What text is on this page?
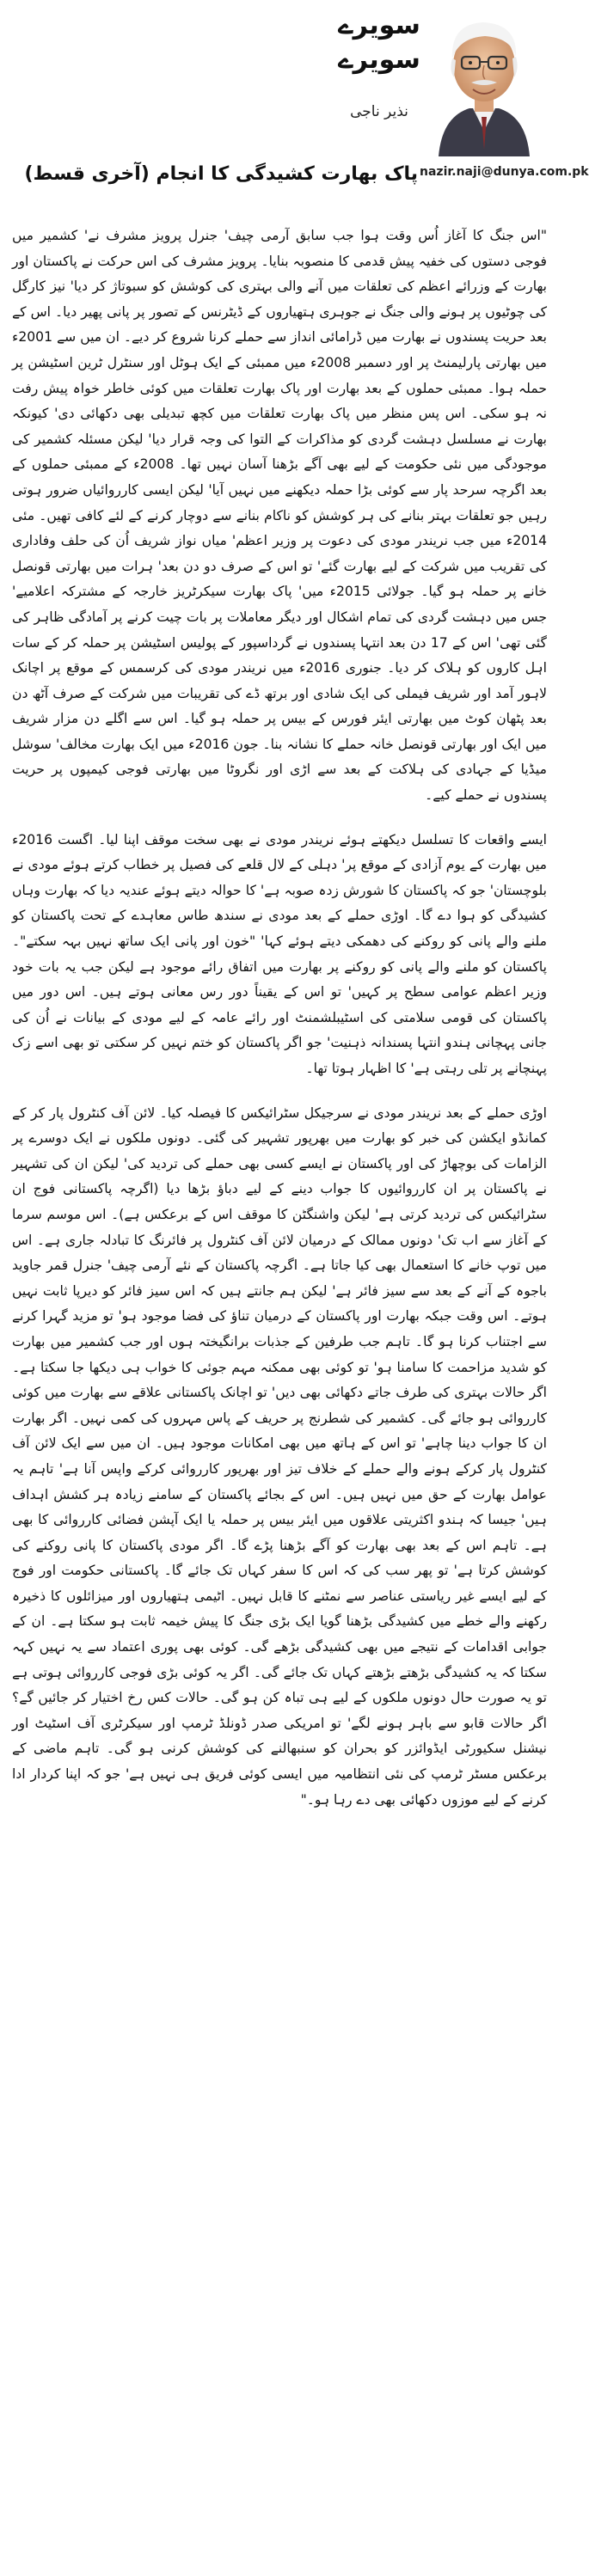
سویرے
سویرے
نذیر ناجی
nazir.naji@dunya.com.pk
پاک بھارت کشیدگی کا انجام (آخری قسط)

"اس جنگ کا آغاز اُس وقت ہوا جب سابق آرمی چیف' جنرل پرویز مشرف نے' کشمیر میں فوجی دستوں کی خفیہ پیش قدمی کا منصوبہ بنایا۔ پرویز مشرف کی اس حرکت نے پاکستان اور بھارت کے وزرائے اعظم کی تعلقات میں آنے والی بہتری کی کوشش کو سبوتاژ کر دیا' نیز کارگل کی چوٹیوں پر ہونے والی جنگ نے جوہری ہتھیاروں کے ڈیٹرنس کے تصور پر پانی پھیر دیا۔ اس کے بعد حریت پسندوں نے بھارت میں ڈرامائی انداز سے حملے کرنا شروع کر دیے۔ ان میں سے 2001ء میں بھارتی پارلیمنٹ پر اور دسمبر 2008ء میں ممبئی کے ایک ہوٹل اور سنٹرل ٹرین اسٹیشن پر حملہ ہوا۔ ممبئی حملوں کے بعد بھارت اور پاک بھارت تعلقات میں کوئی خاطر خواہ پیش رفت نہ ہو سکی۔ اس پس منظر میں پاک بھارت تعلقات میں کچھ تبدیلی بھی دکھائی دی' کیونکہ بھارت نے مسلسل دہشت گردی کو مذاکرات کے التوا کی وجہ قرار دیا' لیکن مسئلہ کشمیر کی موجودگی میں نئی حکومت کے لیے بھی آگے بڑھنا آسان نہیں تھا۔ 2008ء کے ممبئی حملوں کے بعد اگرچہ سرحد پار سے کوئی بڑا حملہ دیکھنے میں نہیں آیا' لیکن ایسی کارروائیاں ضرور ہوتی رہیں جو تعلقات بہتر بنانے کی ہر کوشش کو ناکام بنانے سے دوچار کرنے کے لئے کافی تھیں۔ مئی 2014ء میں جب نریندر مودی کی دعوت پر وزیر اعظم' میاں نواز شریف اُن کی حلف وفاداری کی تقریب میں شرکت کے لیے بھارت گئے' تو اس کے صرف دو دن بعد' ہرات میں بھارتی قونصل خانے پر حملہ ہو گیا۔ جولائی 2015ء میں' پاک بھارت سیکرٹریز خارجہ کے مشترکہ اعلامیے' جس میں دہشت گردی کی تمام اشکال اور دیگر معاملات پر بات چیت کرنے پر آمادگی ظاہر کی گئی تھی' اس کے 17 دن بعد انتہا پسندوں نے گرداسپور کے پولیس اسٹیشن پر حملہ کر کے سات اہل کاروں کو ہلاک کر دیا۔ جنوری 2016ء میں نریندر مودی کی کرسمس کے موقع پر اچانک لاہور آمد اور شریف فیملی کی ایک شادی اور برتھ ڈے کی تقریبات میں شرکت کے صرف آٹھ دن بعد پٹھان کوٹ میں بھارتی ایئر فورس کے بیس پر حملہ ہو گیا۔ اس سے اگلے دن مزار شریف میں ایک اور بھارتی قونصل خانہ حملے کا نشانہ بنا۔ جون 2016ء میں ایک بھارت مخالف' سوشل میڈیا کے جہادی کی ہلاکت کے بعد سے اڑی اور نگروٹا میں بھارتی فوجی کیمپوں پر حریت پسندوں نے حملے کیے۔

ایسے واقعات کا تسلسل دیکھتے ہوئے نریندر مودی نے بھی سخت موقف اپنا لیا۔ اگست 2016ء میں بھارت کے یوم آزادی کے موقع پر' دہلی کے لال قلعے کی فصیل پر خطاب کرتے ہوئے مودی نے بلوچستان' جو کہ پاکستان کا شورش زدہ صوبہ ہے' کا حوالہ دیتے ہوئے عندیہ دیا کہ بھارت وہاں کشیدگی کو ہوا دے گا۔ اوڑی حملے کے بعد مودی نے سندھ طاس معاہدے کے تحت پاکستان کو ملنے والے پانی کو روکنے کی دھمکی دیتے ہوئے کہا' "خون اور پانی ایک ساتھ نہیں بہہ سکتے"۔ پاکستان کو ملنے والے پانی کو روکنے پر بھارت میں اتفاق رائے موجود ہے لیکن جب یہ بات خود وزیر اعظم عوامی سطح پر کہیں' تو اس کے یقیناً دور رس معانی ہوتے ہیں۔ اس دور میں پاکستان کی قومی سلامتی کی اسٹیبلشمنٹ اور رائے عامہ کے لیے مودی کے بیانات نے اُن کی جانی پہچانی ہندو انتہا پسندانہ ذہنیت' جو اگر پاکستان کو ختم نہیں کر سکتی تو بھی اسے زک پہنچانے پر تلی رہتی ہے' کا اظہار ہوتا تھا۔

اوڑی حملے کے بعد نریندر مودی نے سرجیکل سٹرائیکس کا فیصلہ کیا۔ لائن آف کنٹرول پار کر کے کمانڈو ایکشن کی خبر کو بھارت میں بھرپور تشہیر کی گئی۔ دونوں ملکوں نے ایک دوسرے پر الزامات کی بوچھاڑ کی اور پاکستان نے ایسے کسی بھی حملے کی تردید کی' لیکن ان کی تشہیر نے پاکستان پر ان کارروائیوں کا جواب دینے کے لیے دباؤ بڑھا دیا (اگرچہ پاکستانی فوج ان سٹرائیکس کی تردید کرتی ہے' لیکن واشنگٹن کا موقف اس کے برعکس ہے)۔ اس موسم سرما کے آغاز سے اب تک' دونوں ممالک کے درمیان لائن آف کنٹرول پر فائرنگ کا تبادلہ جاری ہے۔ اس میں توپ خانے کا استعمال بھی کیا جاتا ہے۔ اگرچہ پاکستان کے نئے آرمی چیف' جنرل قمر جاوید باجوہ کے آنے کے بعد سے سیز فائر ہے' لیکن ہم جانتے ہیں کہ اس سیز فائر کو دیرپا ثابت نہیں ہوتے۔ اس وقت جبکہ بھارت اور پاکستان کے درمیان تناؤ کی فضا موجود ہو' تو مزید گہرا کرنے سے اجتناب کرنا ہو گا۔ تاہم جب طرفین کے جذبات برانگیختہ ہوں اور جب کشمیر میں بھارت کو شدید مزاحمت کا سامنا ہو' تو کوئی بھی ممکنہ مہم جوئی کا خواب ہی دیکھا جا سکتا ہے۔ اگر حالات بہتری کی طرف جاتے دکھائی بھی دیں' تو اچانک پاکستانی علاقے سے بھارت میں کوئی کارروائی ہو جائے گی۔ کشمیر کی شطرنج پر حریف کے پاس مہروں کی کمی نہیں۔ اگر بھارت ان کا جواب دینا چاہے' تو اس کے ہاتھ میں بھی امکانات موجود ہیں۔ ان میں سے ایک لائن آف کنٹرول پار کرکے ہونے والے حملے کے خلاف تیز اور بھرپور کارروائی کرکے واپس آنا ہے' تاہم یہ عوامل بھارت کے حق میں نہیں ہیں۔ اس کے بجائے پاکستان کے سامنے زیادہ ہر کشش اہداف ہیں' جیسا کہ ہندو اکثریتی علاقوں میں ایئر بیس پر حملہ یا ایک آپشن فضائی کارروائی کا بھی ہے۔ تاہم اس کے بعد بھی بھارت کو آگے بڑھنا پڑے گا۔ اگر مودی پاکستان کا پانی روکنے کی کوشش کرتا ہے' تو پھر سب کی کہ اس کا سفر کہاں تک جائے گا۔ پاکستانی حکومت اور فوج کے لیے ایسے غیر ریاستی عناصر سے نمٹنے کا قابل نہیں۔ اٹیمی ہتھیاروں اور میزائلوں کا ذخیرہ رکھنے والے خطے میں کشیدگی بڑھنا گویا ایک بڑی جنگ کا پیش خیمہ ثابت ہو سکتا ہے۔ ان کے جوابی اقدامات کے نتیجے میں بھی کشیدگی بڑھے گی۔ کوئی بھی پوری اعتماد سے یہ نہیں کہہ سکتا کہ یہ کشیدگی بڑھتے بڑھتے کہاں تک جائے گی۔ اگر یہ کوئی بڑی فوجی کارروائی ہوتی ہے تو یہ صورت حال دونوں ملکوں کے لیے ہی تباہ کن ہو گی۔ حالات کس رخ اختیار کر جائیں گے؟ اگر حالات قابو سے باہر ہونے لگے' تو امریکی صدر ڈونلڈ ٹرمپ اور سیکرٹری آف اسٹیٹ اور نیشنل سکیورٹی ایڈوائزر کو بحران کو سنبھالنے کی کوشش کرنی ہو گی۔ تاہم ماضی کے برعکس مسٹر ٹرمپ کی نئی انتظامیہ میں ایسی کوئی فریق ہی نہیں ہے' جو کہ اپنا کردار ادا کرنے کے لیے موزوں دکھائی بھی دے رہا ہو۔"
